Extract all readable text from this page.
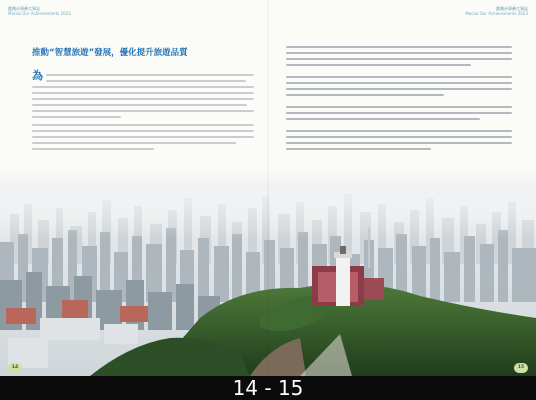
港澳台事務大事記
Macao Our Achievements 2023
港澳台事務大事記
Macao Our Achievements 2023
推動“智慧旅遊”發展，優化提升旅遊品質
為
14	15
14 - 15
